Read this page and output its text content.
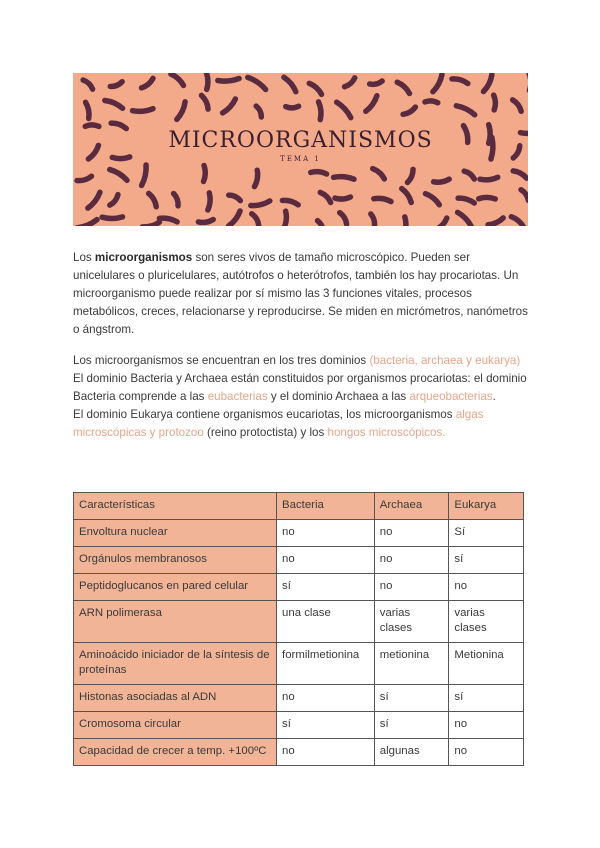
MICROORGANISMOS
TEMA 1
Los microorganismos son seres vivos de tamaño microscópico. Pueden ser unicelulares o pluricelulares, autótrofos o heterótrofos, también los hay procariotas. Un microorganismo puede realizar por sí mismo las 3 funciones vitales, procesos metabólicos, creces, relacionarse y reproducirse. Se miden en micrómetros, nanómetros o ángstrom.
Los microorganismos se encuentran en los tres dominios (bacteria, archaea y eukarya)
El dominio Bacteria y Archaea están constituidos por organismos procariotas: el dominio Bacteria comprende a las eubacterias y el dominio Archaea a las arqueobacterias.
El dominio Eukarya contiene organismos eucariotas, los microorganismos algas microscópicas y protozoo (reino protoctista) y los hongos microscópicos.
Características	Bacteria	Archaea	Eukarya
Envoltura nuclear	no	no	Sí
Orgánulos membranosos	no	no	sí
Peptidoglucanos en pared celular	sí	no	no
ARN polimerasa	una clase	varias clases	varias clases
Aminoácido iniciador de la síntesis de proteínas	formilmetionina	metionina	Metionina
Histonas asociadas al ADN	no	sí	sí
Cromosoma circular	sí	sí	no
Capacidad de crecer a temp. +100ºC	no	algunas	no
